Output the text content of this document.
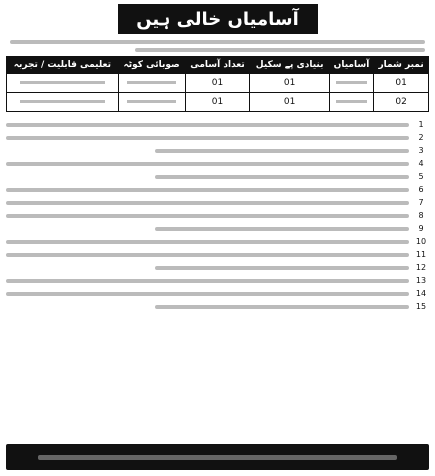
آسامیاں خالی ہیں
نمبر شمار	آسامیاں	بنیادی پے سکیل	تعداد آسامی	صوبائی کوٹہ	تعلیمی قابلیت / تجربہ
01		01	01		
02		01	01		
1
2
3
4
5
6
7
8
9
10
11
12
13
14
15
